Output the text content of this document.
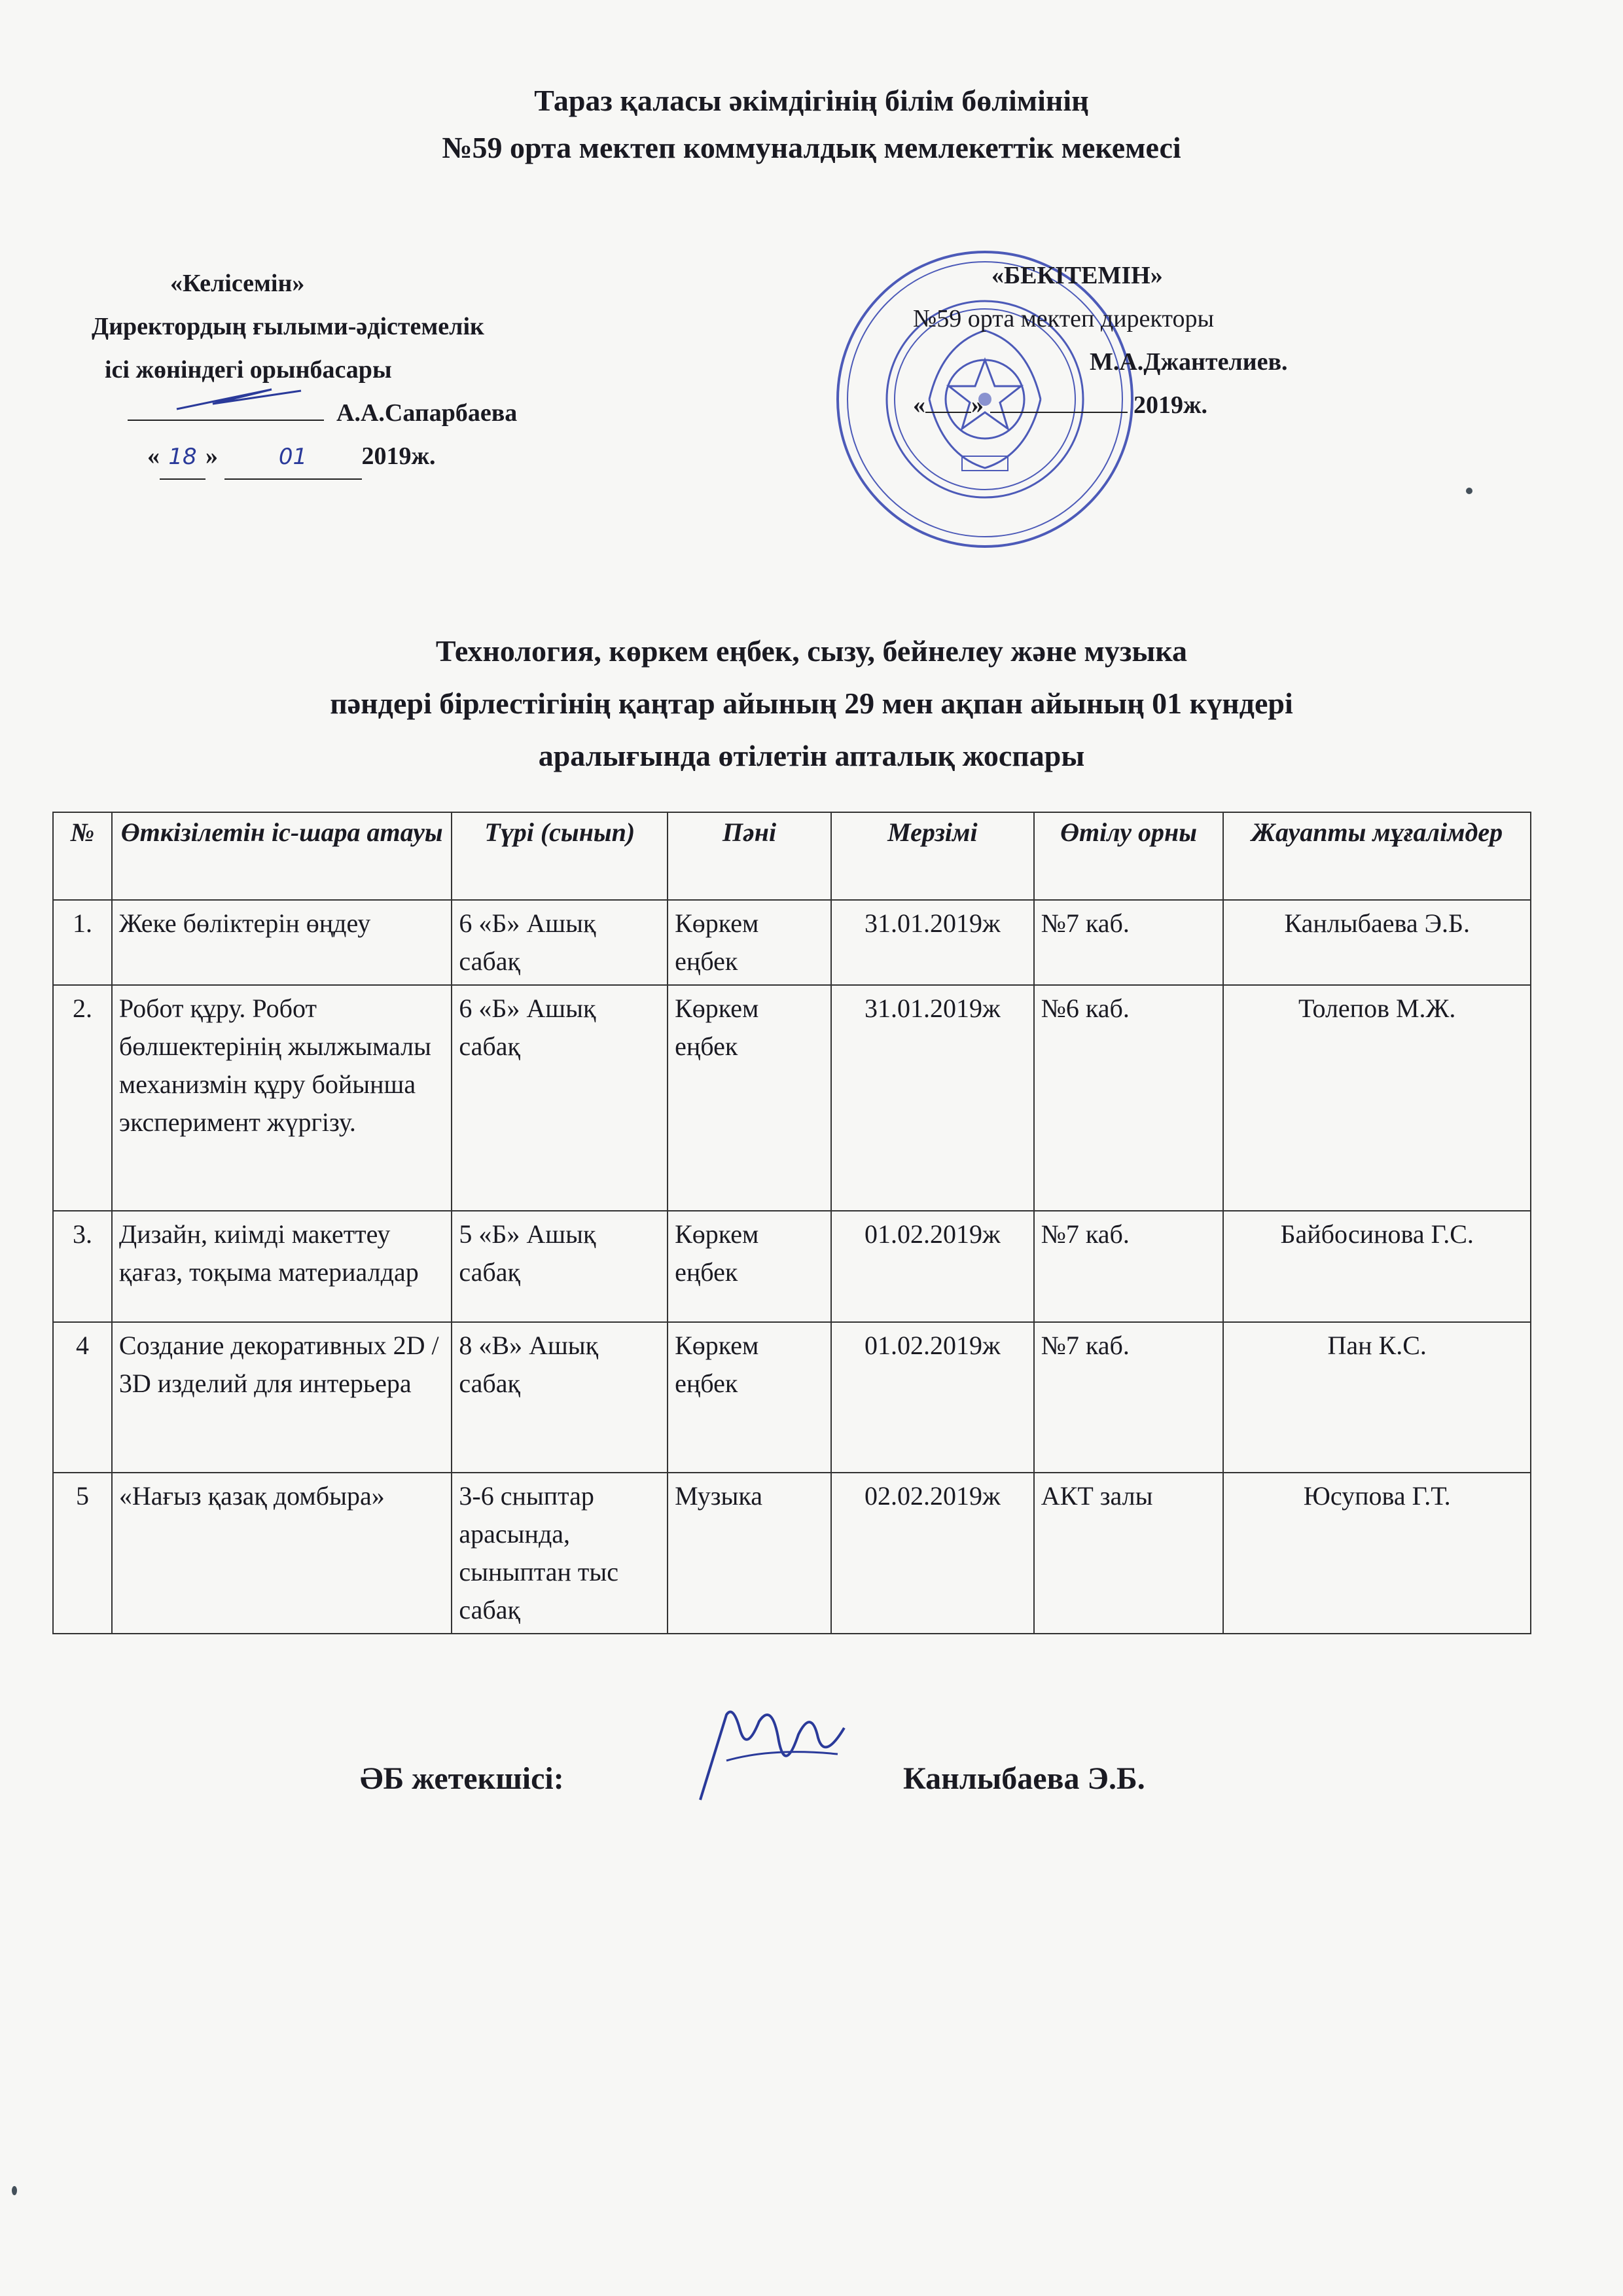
Тараз қаласы әкімдігінің білім бөлімінің
№59 орта мектеп коммуналдық мемлекеттік мекемесі
«Келісемін»
Директордың ғылыми-әдістемелік
ісі жөніндегі орынбасары
А.А.Сапарбаева
« 18 »	01 2019ж.
«БЕКІТЕМІН»
№59 орта мектеп директоры
М.А.Джантелиев.
« »	2019ж.
Технология, көркем еңбек, сызу, бейнелеу және музыка
пәндері бірлестігінің қаңтар айының 29 мен ақпан айының 01 күндері
аралығында өтілетін апталық жоспары
№	Өткізілетін іс-шара атауы	Түрі (сынып)	Пәні	Мерзімі	Өтілу орны	Жауапты мұғалімдер
1.	Жеке бөліктерін өңдеу	6 «Б» Ашық сабақ	Көркем еңбек	31.01.2019ж	№7 каб.	Канлыбаева Э.Б.
2.	Робот құру. Робот бөлшектерінің жылжымалы механизмін құру бойынша эксперимент жүргізу.	6 «Б» Ашық сабақ	Көркем еңбек	31.01.2019ж	№6 каб.	Толепов М.Ж.
3.	Дизайн, киімді макеттеу қағаз, тоқыма материалдар	5 «Б» Ашық сабақ	Көркем еңбек	01.02.2019ж	№7 каб.	Байбосинова Г.С.
4	Создание декоративных 2D / 3D изделий для интерьера	8 «В» Ашық сабақ	Көркем еңбек	01.02.2019ж	№7 каб.	Пан К.С.
5	«Нағыз қазақ домбыра»	3-6 сныптар арасында, сыныптан тыс сабақ	Музыка	02.02.2019ж	АКТ залы	Юсупова Г.Т.
ӘБ жетекшісі:	Канлыбаева Э.Б.
